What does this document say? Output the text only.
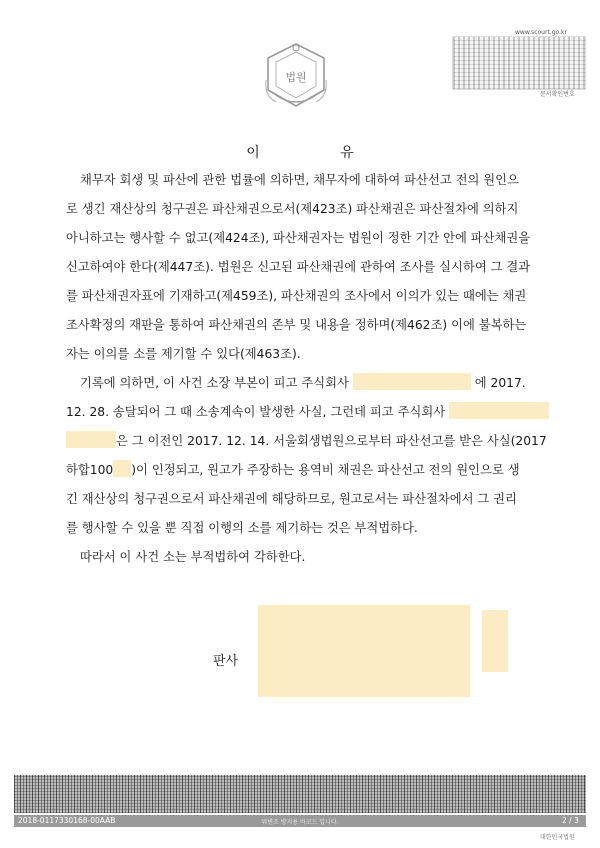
법원
www.scourt.go.kr
문서확인번호
이 유

채무자 회생 및 파산에 관한 법률에 의하면, 채무자에 대하여 파산선고 전의 원인으

로 생긴 재산상의 청구권은 파산채권으로서(제423조) 파산채권은 파산절차에 의하지

아니하고는 행사할 수 없고(제424조), 파산채권자는 법원이 정한 기간 안에 파산채권을

신고하여야 한다(제447조). 법원은 신고된 파산채권에 관하여 조사를 실시하여 그 결과

를 파산채권자표에 기재하고(제459조), 파산채권의 조사에서 이의가 있는 때에는 채권

조사확정의 재판을 통하여 파산채권의 존부 및 내용을 정하며(제462조) 이에 불복하는

자는 이의를 소를 제기할 수 있다(제463조).

기록에 의하면, 이 사건 소장 부본이 피고 주식회사	에 2017.

12. 28. 송달되어 그 때 소송계속이 발생한 사실, 그런데 피고 주식회사

은 그 이전인 2017. 12. 14. 서울회생법원으로부터 파산선고를 받은 사실(2017

하합100 )이 인정되고, 원고가 주장하는 용역비 채권은 파산선고 전의 원인으로 생

긴 재산상의 청구권으로서 파산채권에 해당하므로, 원고로서는 파산절차에서 그 권리

를 행사할 수 있을 뿐 직접 이행의 소를 제기하는 것은 부적법하다.

따라서 이 사건 소는 부적법하여 각하한다.

판사
2018-0117330168-00AAB	위변조 방지용 바코드 입니다.	2 / 3
대한민국법원
